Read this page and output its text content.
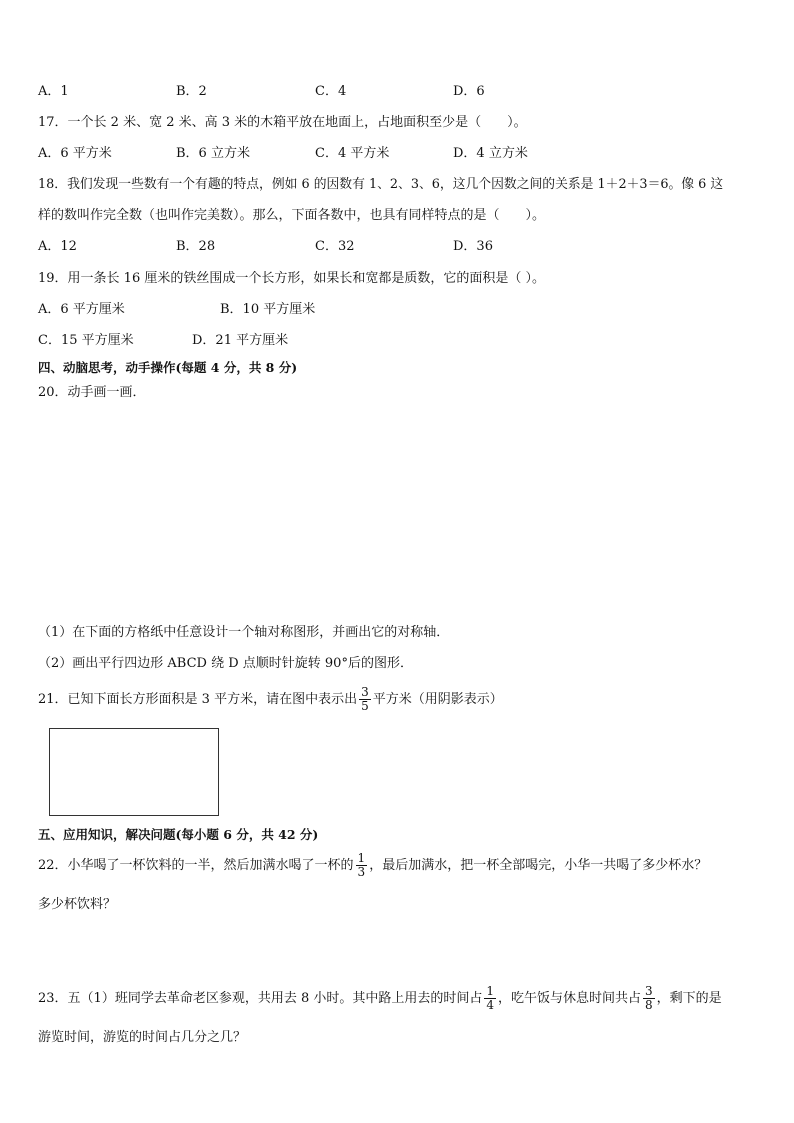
A．1	B．2	C．4	D．6
17．一个长 2 米、宽 2 米、高 3 米的木箱平放在地面上，占地面积至少是（　　）。
A．6 平方米	B．6 立方米	C．4 平方米	D．4 立方米
18．我们发现一些数有一个有趣的特点，例如 6 的因数有 1、2、3、6，这几个因数之间的关系是 1＋2＋3＝6。像 6 这
样的数叫作完全数（也叫作完美数）。那么，下面各数中，也具有同样特点的是（　　）。
A．12	B．28	C．32	D．36
19．用一条长 16 厘米的铁丝围成一个长方形，如果长和宽都是质数，它的面积是（ ）。
A．6 平方厘米	B．10 平方厘米
C．15 平方厘米	D．21 平方厘米
四、动脑思考，动手操作(每题 4 分，共 8 分)
20．动手画一画．
（1）在下面的方格纸中任意设计一个轴对称图形，并画出它的对称轴．
（2）画出平行四边形 ABCD 绕 D 点顺时针旋转 90°后的图形．
21．已知下面长方形面积是 3 平方米，请在图中表示出 $\frac{3}{5}$ 平方米（用阴影表示）
五、应用知识，解决问题(每小题 6 分，共 42 分)
22．小华喝了一杯饮料的一半，然后加满水喝了一杯的 $\frac{1}{3}$ ，最后加满水，把一杯全部喝完，小华一共喝了多少杯水？
多少杯饮料？
23．五（1）班同学去革命老区参观，共用去 8 小时。其中路上用去的时间占 $\frac{1}{4}$ ，吃午饭与休息时间共占 $\frac{3}{8}$ ，剩下的是
游览时间，游览的时间占几分之几？
